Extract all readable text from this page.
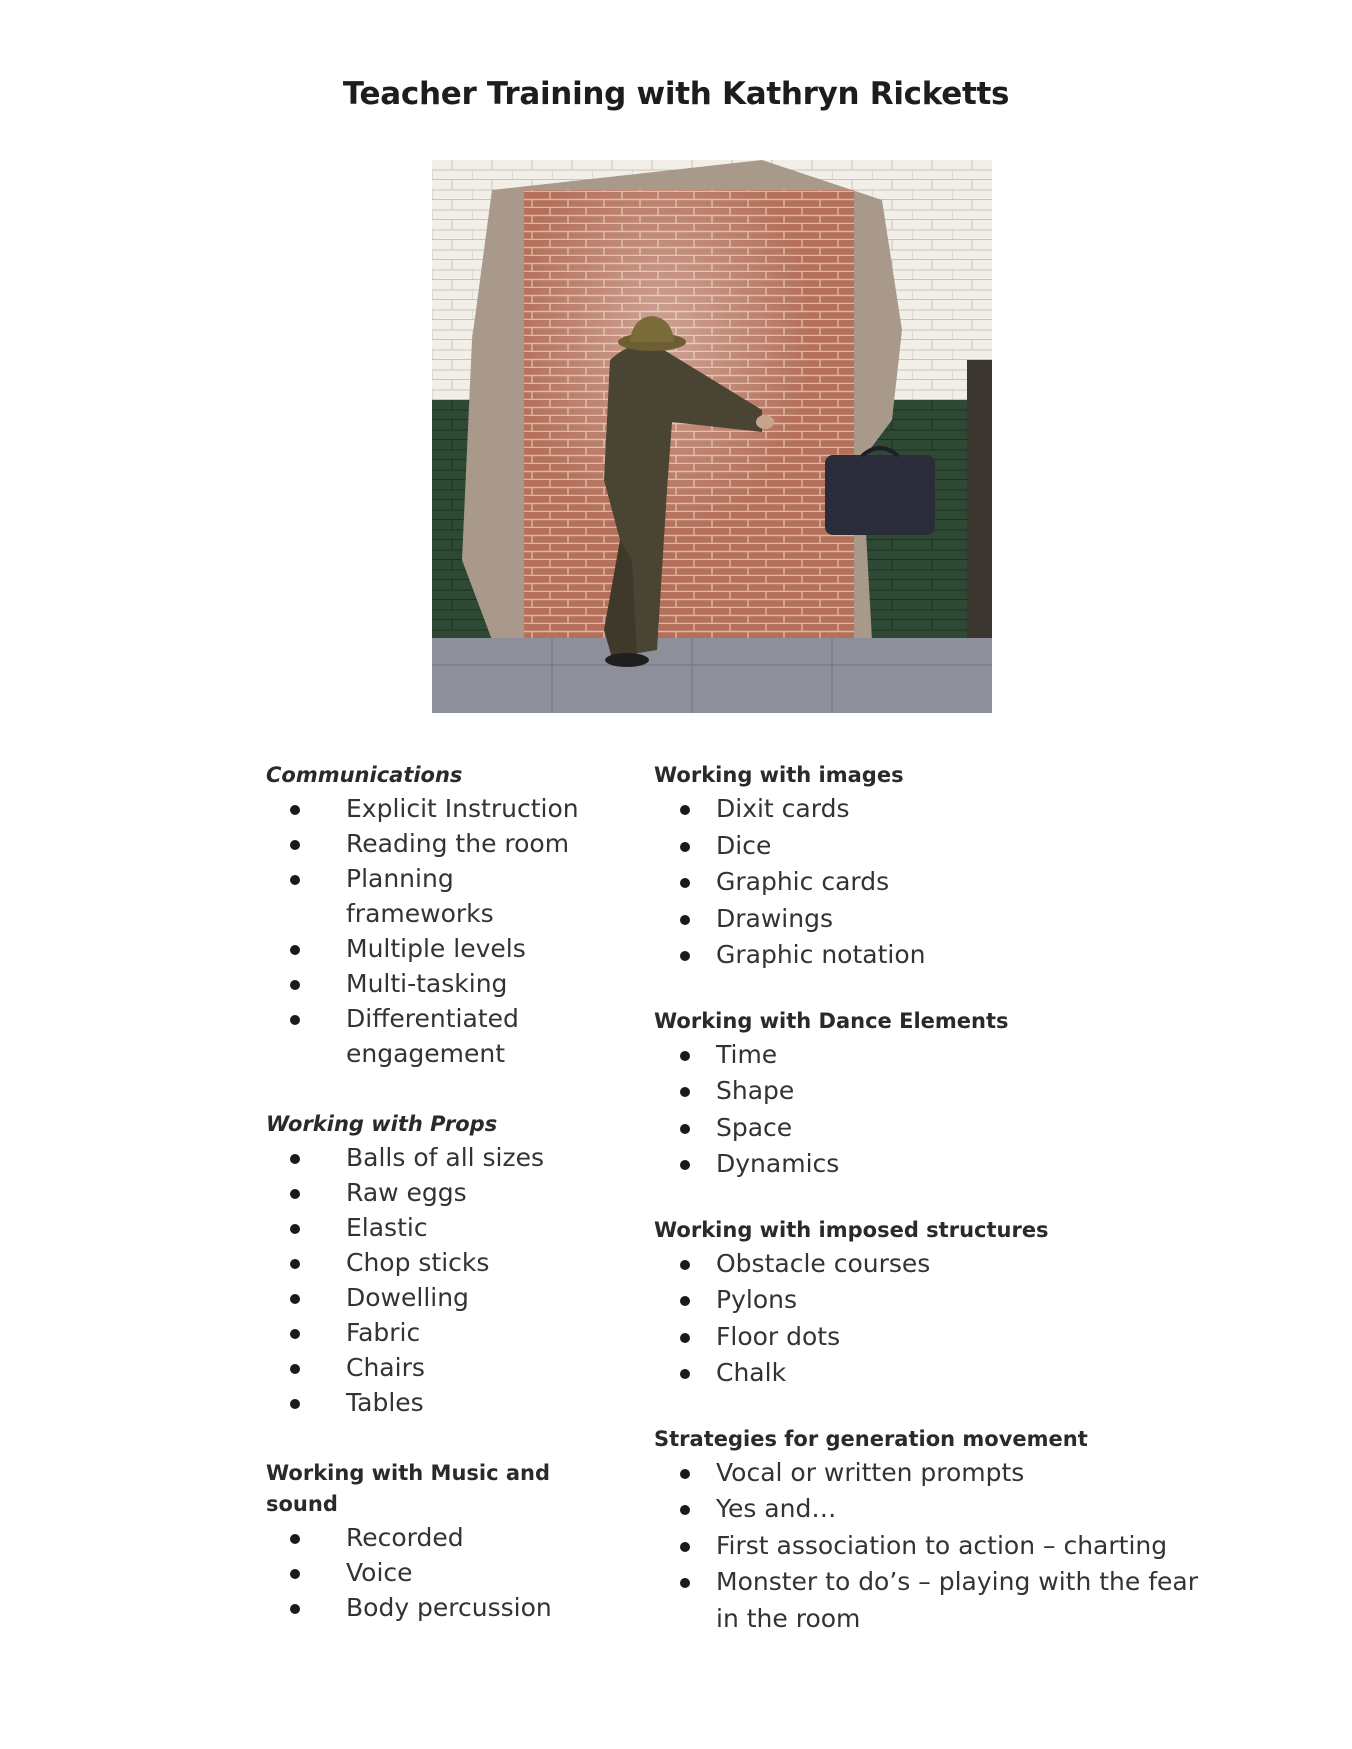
Teacher Training with Kathryn Ricketts
Communications
Explicit Instruction
Reading the room
Planning frameworks
Multiple levels
Multi-tasking
Differentiated engagement
Working with Props
Balls of all sizes
Raw eggs
Elastic
Chop sticks
Dowelling
Fabric
Chairs
Tables
Working with Music and sound
Recorded
Voice
Body percussion
Working with images
Dixit cards
Dice
Graphic cards
Drawings
Graphic notation
Working with Dance Elements
Time
Shape
Space
Dynamics
Working with imposed structures
Obstacle courses
Pylons
Floor dots
Chalk
Strategies for generation movement
Vocal or written prompts
Yes and…
First association to action – charting
Monster to do’s – playing with the fear in the room
